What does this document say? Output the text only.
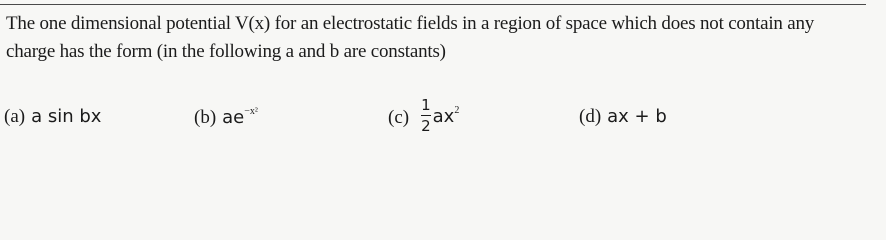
The one dimensional potential V(x) for an electrostatic fields in a region of space which does not contain any

charge has the form (in the following a and b are constants)

(a) a sin bx	(b) $ae^{-x^2}$	$(c) \frac{1}{2} ax^2$	(d) ax + b
